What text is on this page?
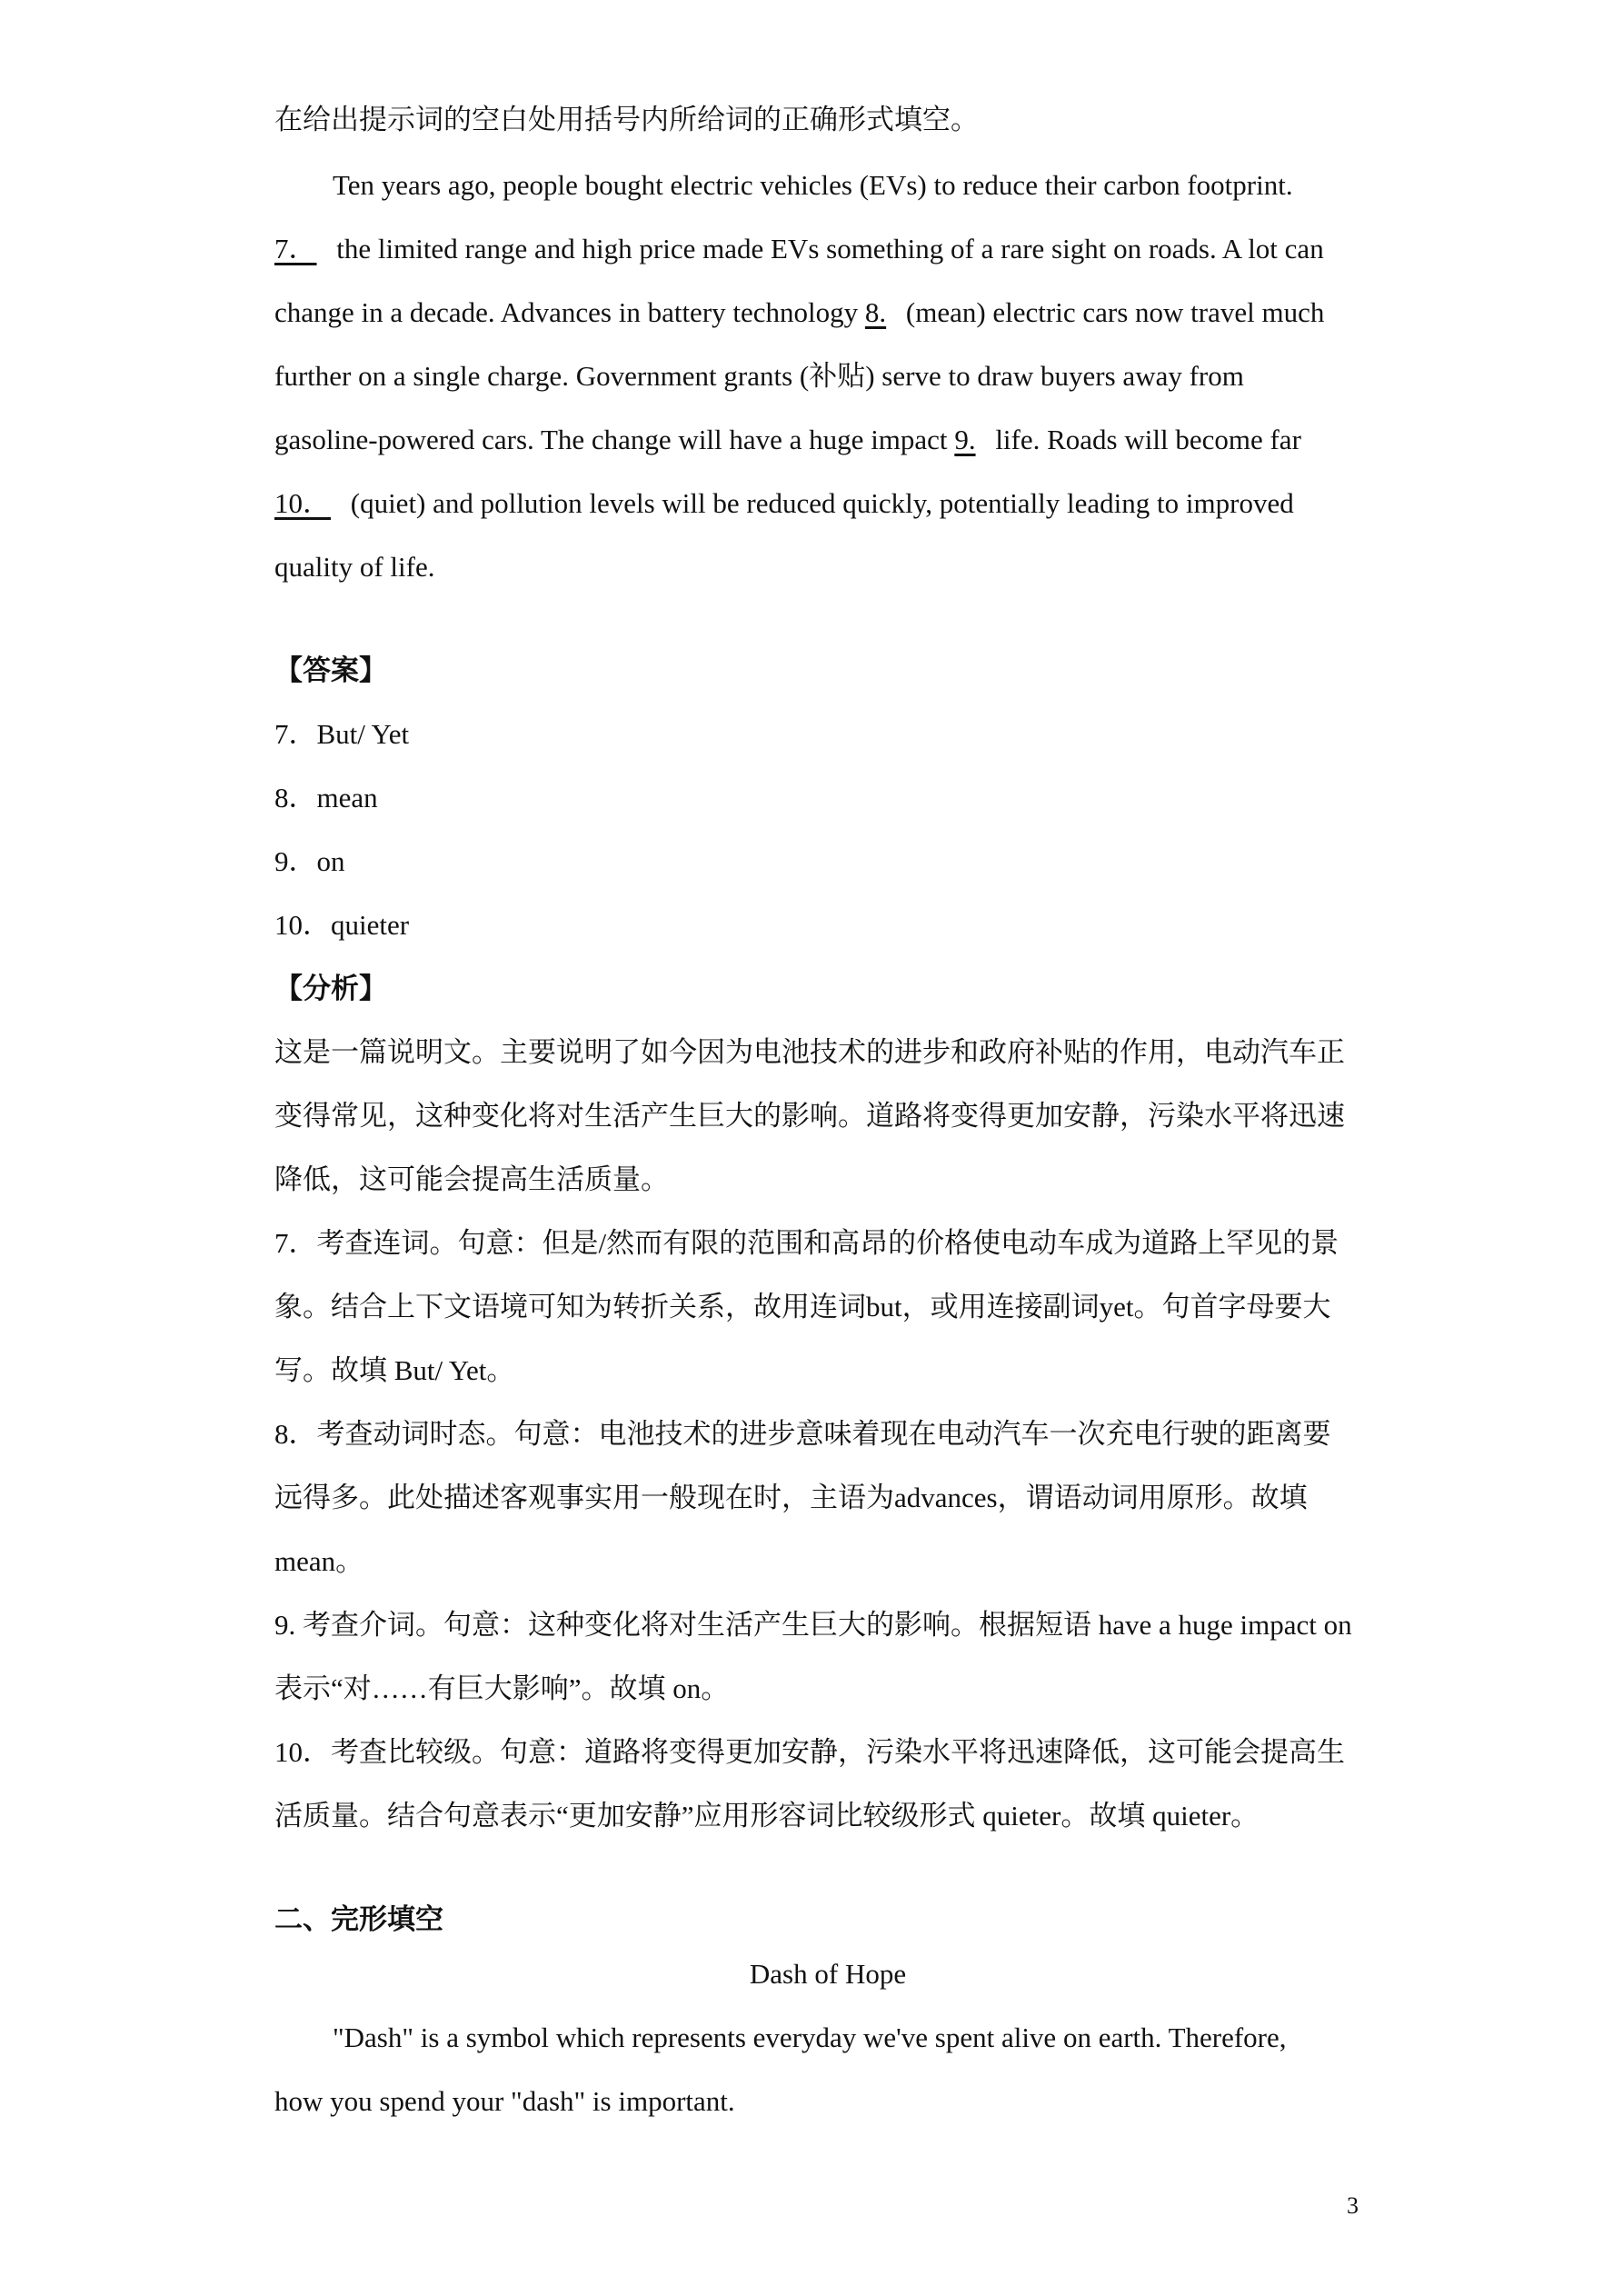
在给出提示词的空白处用括号内所给词的正确形式填空。
Ten years ago, people bought electric vehicles (EVs) to reduce their carbon footprint.
7． the limited range and high price made EVs something of a rare sight on roads. A lot can
change in a decade. Advances in battery technology 8. (mean) electric cars now travel much
further on a single charge. Government grants (补贴) serve to draw buyers away from
gasoline-powered cars. The change will have a huge impact 9. life. Roads will become far
10． (quiet) and pollution levels will be reduced quickly, potentially leading to improved
quality of life.
【答案】
7．But/ Yet
8．mean
9．on
10．quieter
【分析】
这是一篇说明文。主要说明了如今因为电池技术的进步和政府补贴的作用，电动汽车正
变得常见，这种变化将对生活产生巨大的影响。道路将变得更加安静，污染水平将迅速
降低，这可能会提高生活质量。
7．考查连词。句意：但是/然而有限的范围和高昂的价格使电动车成为道路上罕见的景
象。结合上下文语境可知为转折关系，故用连词but，或用连接副词yet。句首字母要大
写。故填 But/ Yet。
8．考查动词时态。句意：电池技术的进步意味着现在电动汽车一次充电行驶的距离要
远得多。此处描述客观事实用一般现在时，主语为advances，谓语动词用原形。故填
mean。
9. 考查介词。句意：这种变化将对生活产生巨大的影响。根据短语 have a huge impact on
表示“对……有巨大影响”。故填 on。
10．考查比较级。句意：道路将变得更加安静，污染水平将迅速降低，这可能会提高生
活质量。结合句意表示“更加安静”应用形容词比较级形式 quieter。故填 quieter。
二、完形填空
Dash of Hope
"Dash" is a symbol which represents everyday we've spent alive on earth. Therefore,
how you spend your "dash" is important.
3
